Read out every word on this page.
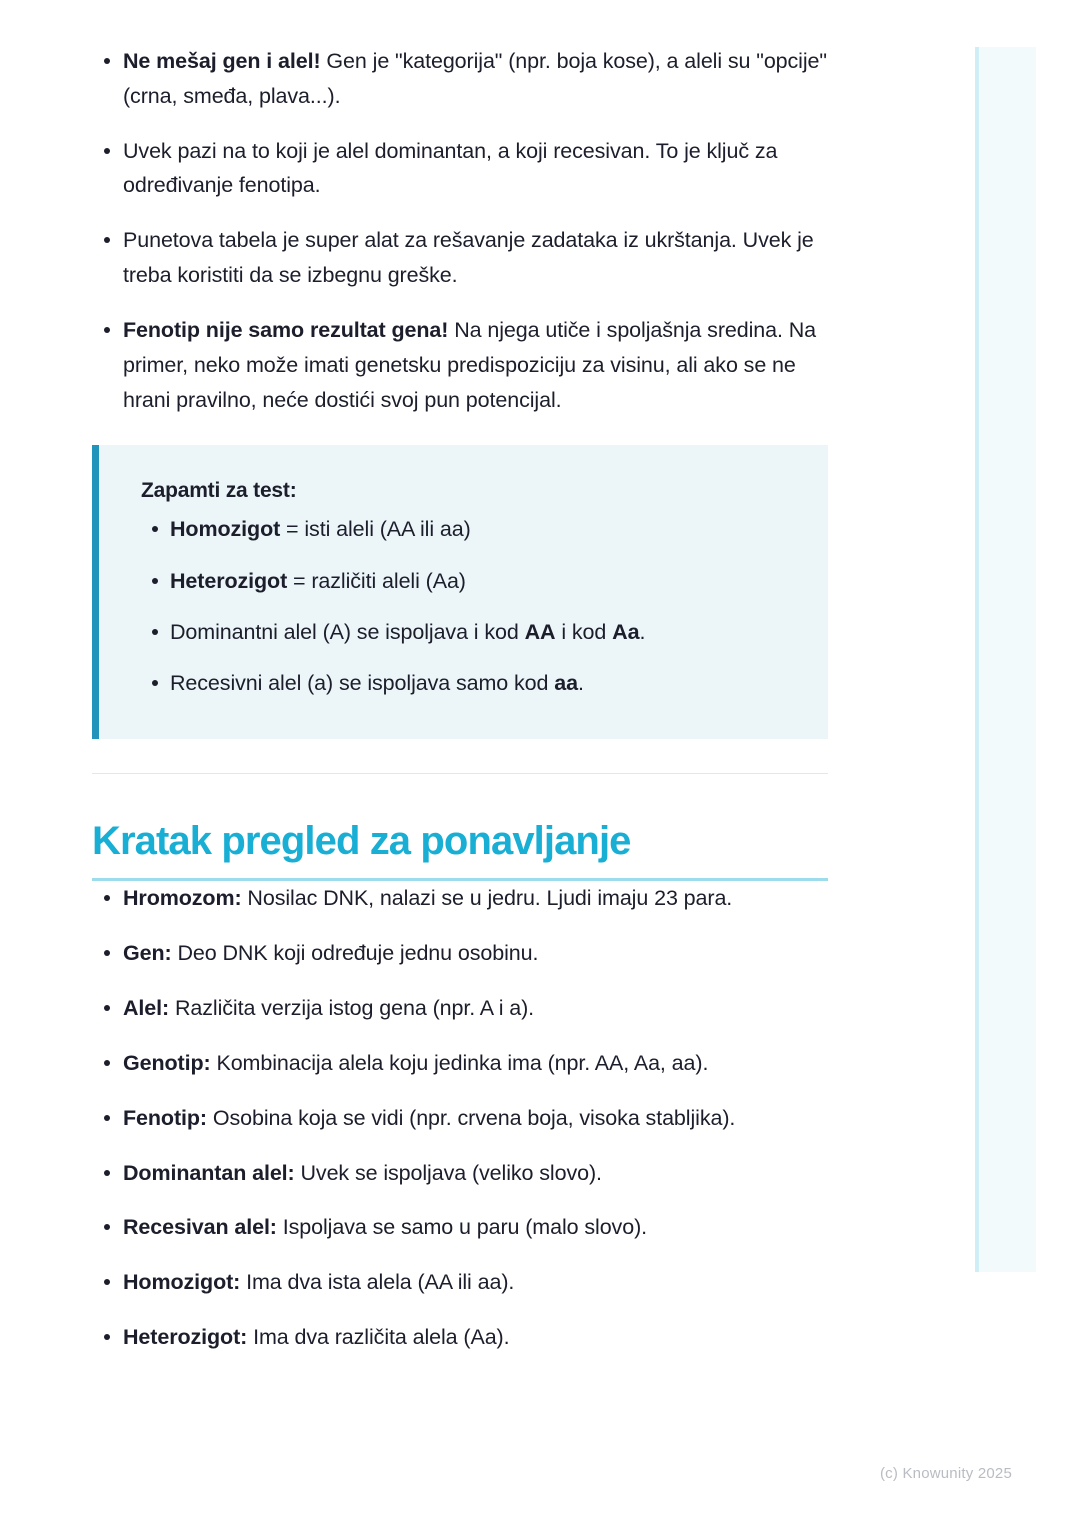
Ne mešaj gen i alel! Gen je "kategorija" (npr. boja kose), a aleli su "opcije" (crna, smeđa, plava...).
Uvek pazi na to koji je alel dominantan, a koji recesivan. To je ključ za određivanje fenotipa.
Punetova tabela je super alat za rešavanje zadataka iz ukrštanja. Uvek je treba koristiti da se izbegnu greške.
Fenotip nije samo rezultat gena! Na njega utiče i spoljašnja sredina. Na primer, neko može imati genetsku predispoziciju za visinu, ali ako se ne hrani pravilno, neće dostići svoj pun potencijal.
Zapamti za test:
Homozigot = isti aleli (AA ili aa)
Heterozigot = različiti aleli (Aa)
Dominantni alel (A) se ispoljava i kod AA i kod Aa.
Recesivni alel (a) se ispoljava samo kod aa.
Kratak pregled za ponavljanje
Hromozom: Nosilac DNK, nalazi se u jedru. Ljudi imaju 23 para.
Gen: Deo DNK koji određuje jednu osobinu.
Alel: Različita verzija istog gena (npr. A i a).
Genotip: Kombinacija alela koju jedinka ima (npr. AA, Aa, aa).
Fenotip: Osobina koja se vidi (npr. crvena boja, visoka stabljika).
Dominantan alel: Uvek se ispoljava (veliko slovo).
Recesivan alel: Ispoljava se samo u paru (malo slovo).
Homozigot: Ima dva ista alela (AA ili aa).
Heterozigot: Ima dva različita alela (Aa).
(c) Knowunity 2025
